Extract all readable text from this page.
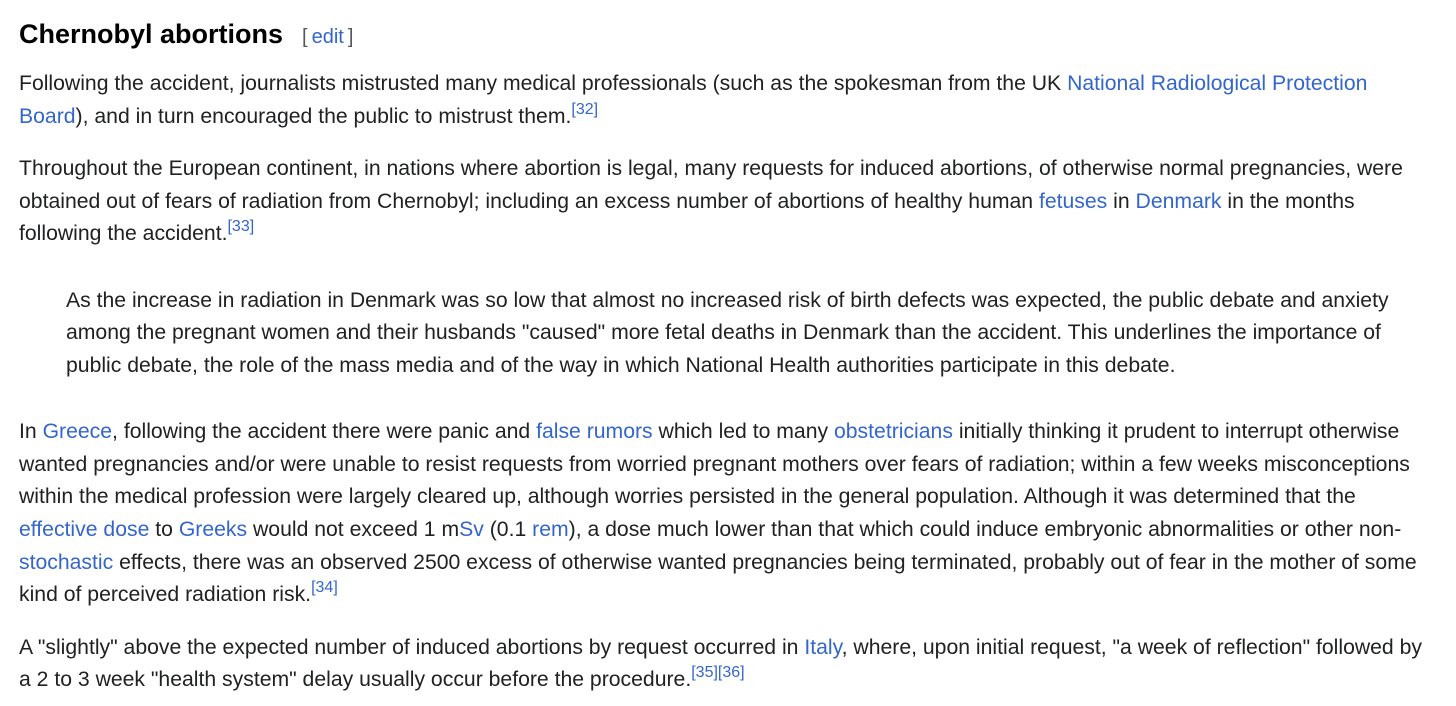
Chernobyl abortions [ edit ]

Following the accident, journalists mistrusted many medical professionals (such as the spokesman from the UK National Radiological Protection Board), and in turn encouraged the public to mistrust them.[32]

Throughout the European continent, in nations where abortion is legal, many requests for induced abortions, of otherwise normal pregnancies, were obtained out of fears of radiation from Chernobyl; including an excess number of abortions of healthy human fetuses in Denmark in the months following the accident.[33]

As the increase in radiation in Denmark was so low that almost no increased risk of birth defects was expected, the public debate and anxiety among the pregnant women and their husbands "caused" more fetal deaths in Denmark than the accident. This underlines the importance of public debate, the role of the mass media and of the way in which National Health authorities participate in this debate.

In Greece, following the accident there were panic and false rumors which led to many obstetricians initially thinking it prudent to interrupt otherwise wanted pregnancies and/or were unable to resist requests from worried pregnant mothers over fears of radiation; within a few weeks misconceptions within the medical profession were largely cleared up, although worries persisted in the general population. Although it was determined that the effective dose to Greeks would not exceed 1 mSv (0.1 rem), a dose much lower than that which could induce embryonic abnormalities or other non-stochastic effects, there was an observed 2500 excess of otherwise wanted pregnancies being terminated, probably out of fear in the mother of some kind of perceived radiation risk.[34]

A "slightly" above the expected number of induced abortions by request occurred in Italy, where, upon initial request, "a week of reflection" followed by a 2 to 3 week "health system" delay usually occur before the procedure.[35][36]
